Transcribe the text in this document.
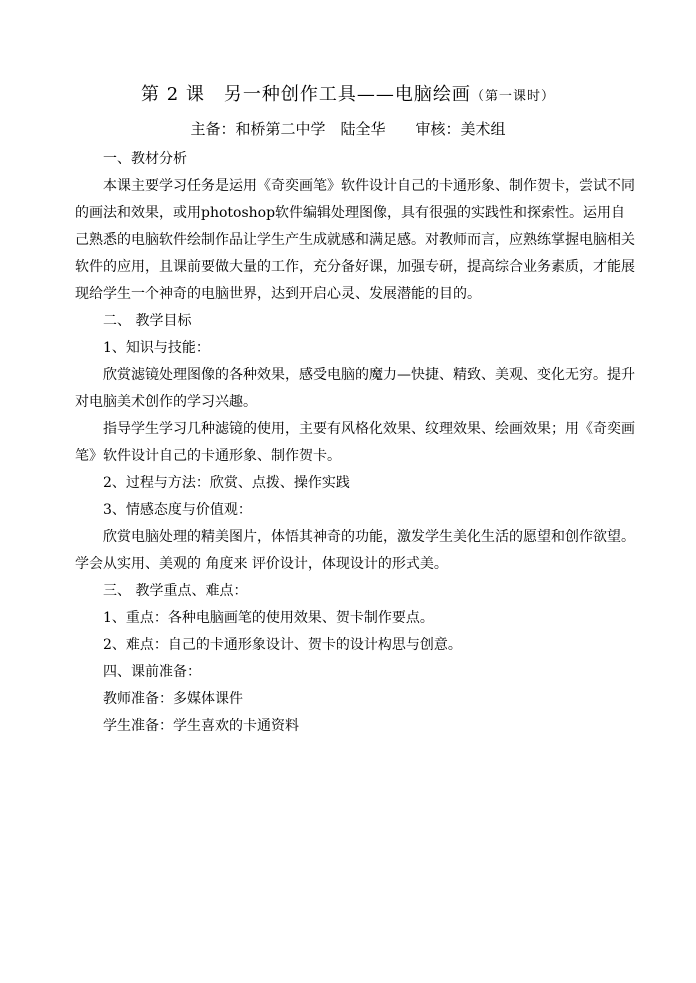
第 2 课　另一种创作工具——电脑绘画（第一课时）
主备：和桥第二中学　陆全华　　审核：美术组

一、教材分析

本课主要学习任务是运用《奇奕画笔》软件设计自己的卡通形象、制作贺卡，尝试不同的画法和效果，或用photoshop软件编辑处理图像，具有很强的实践性和探索性。运用自己熟悉的电脑软件绘制作品让学生产生成就感和满足感。对教师而言，应熟练掌握电脑相关软件的应用，且课前要做大量的工作，充分备好课，加强专研，提高综合业务素质，才能展现给学生一个神奇的电脑世界，达到开启心灵、发展潜能的目的。

二、 教学目标

1、知识与技能：

欣赏滤镜处理图像的各种效果，感受电脑的魔力—快捷、精致、美观、变化无穷。提升对电脑美术创作的学习兴趣。

指导学生学习几种滤镜的使用，主要有风格化效果、纹理效果、绘画效果；用《奇奕画笔》软件设计自己的卡通形象、制作贺卡。

2、过程与方法：欣赏、点拨、操作实践

3、情感态度与价值观：

欣赏电脑处理的精美图片，体悟其神奇的功能，激发学生美化生活的愿望和创作欲望。学会从实用、美观的 角度来 评价设计，体现设计的形式美。

三、 教学重点、难点：

1、重点：各种电脑画笔的使用效果、贺卡制作要点。

2、难点：自己的卡通形象设计、贺卡的设计构思与创意。

四、课前准备：

教师准备：多媒体课件

学生准备：学生喜欢的卡通资料
